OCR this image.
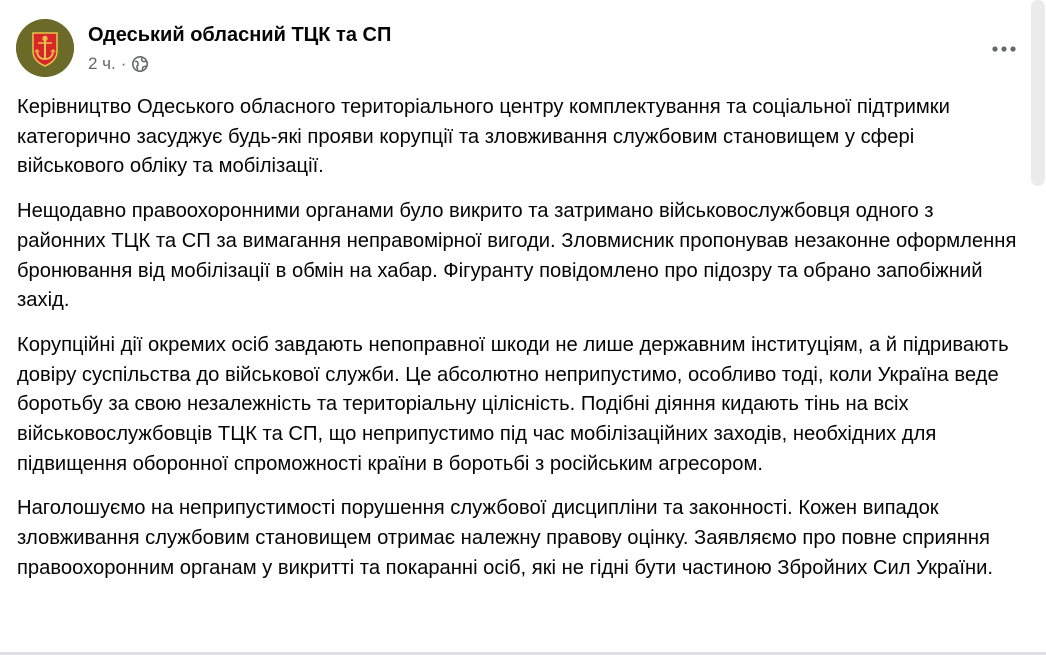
Одеський обласний ТЦК та СП
2 ч. ·

Керівництво Одеського обласного територіального центру комплектування та соціальної підтримки категорично засуджує будь-які прояви корупції та зловживання службовим становищем у сфері військового обліку та мобілізації.

Нещодавно правоохоронними органами було викрито та затримано військовослужбовця одного з районних ТЦК та СП за вимагання неправомірної вигоди. Зловмисник пропонував незаконне оформлення бронювання від мобілізації в обмін на хабар. Фігуранту повідомлено про підозру та обрано запобіжний захід.

Корупційні дії окремих осіб завдають непоправної шкоди не лише державним інституціям, а й підривають довіру суспільства до військової служби. Це абсолютно неприпустимо, особливо тоді, коли Україна веде боротьбу за свою незалежність та територіальну цілісність. Подібні діяння кидають тінь на всіх військовослужбовців ТЦК та СП, що неприпустимо під час мобілізаційних заходів, необхідних для підвищення оборонної спроможності країни в боротьбі з російським агресором.

Наголошуємо на неприпустимості порушення службової дисципліни та законності. Кожен випадок зловживання службовим становищем отримає належну правову оцінку. Заявляємо про повне сприяння правоохоронним органам у викритті та покаранні осіб, які не гідні бути частиною Збройних Сил України.
